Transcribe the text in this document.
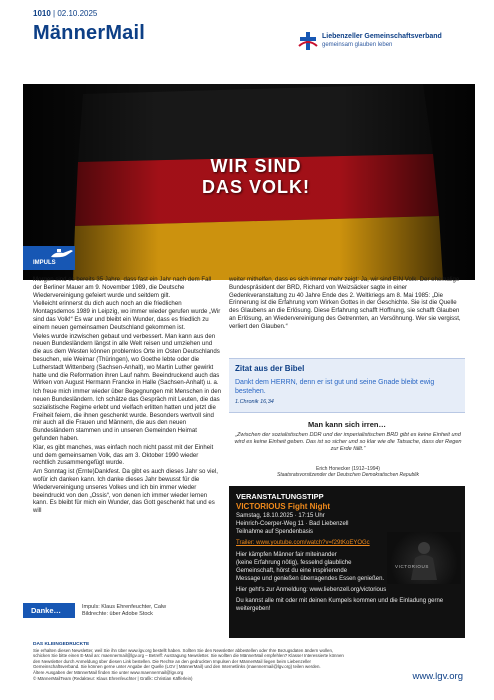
1010 | 02.10.2025
MännerMail	Liebenzeller Gemeinschaftsverband
gemeinsam glauben leben
WIR SIND
DAS VOLK!
IMPULS

Morgen sind es bereits 35 Jahre, dass fast ein Jahr nach dem Fall der Berliner Mauer am 9. November 1989, die Deutsche Wiedervereinigung gefeiert wurde und seitdem gilt.

Vielleicht erinnerst du dich auch noch an die friedlichen Montagsdemos 1989 in Leipzig, wo immer wieder gerufen wurde „Wir sind das Volk!“ Es war und bleibt ein Wunder, dass es friedlich zu einem neuen gemeinsamen Deutschland gekommen ist.

Vieles wurde inzwischen gebaut und verbessert. Man kann aus den neuen Bundesländern längst in alle Welt reisen und umziehen und die aus dem Westen können problemlos Orte im Osten Deutschlands besuchen, wie Weimar (Thüringen), wo Goethe lebte oder die Lutherstadt Wittenberg (Sachsen-Anhalt), wo Martin Luther gewirkt hatte und die Reformation ihren Lauf nahm. Beeindruckend auch das Wirken von August Hermann Francke in Halle (Sachsen-Anhalt) u. a.

Ich freue mich immer wieder über Begegnungen mit Menschen in den neuen Bundesländern. Ich schätze das Gespräch mit Leuten, die das sozialistische Regime erlebt und vielfach erlitten hatten und jetzt die Freiheit feiern, die ihnen geschenkt wurde. Besonders wertvoll sind mir auch all die Frauen und Männern, die aus den neuen Bundesländern stammen und in unseren Gemeinden Heimat gefunden haben.

Klar, es gibt manches, was einfach noch nicht passt mit der Einheit und dem gemeinsamen Volk, das am 3. Oktober 1990 wieder rechtlich zusammengefügt wurde.

Am Sonntag ist (Ernte)Dankfest. Da gibt es auch dieses Jahr so viel, wofür ich danken kann. Ich danke dieses Jahr bewusst für die Wiedervereinigung unseres Volkes und ich bin immer wieder beeindruckt von den „Ossis“, von denen ich immer wieder lernen kann. Es bleibt für mich ein Wunder, das Gott geschenkt hat und es will

weiter mithelfen, dass es sich immer mehr zeigt: Ja, wir sind EIN Volk. Der ehemalige Bundespräsident der BRD, Richard von Weizsäcker sagte in einer Gedenkveranstaltung zu 40 Jahre Ende des 2. Weltkriegs am 8. Mai 1985: „Die Erinnerung ist die Erfahrung vom Wirken Gottes in der Geschichte. Sie ist die Quelle des Glaubens an die Erlösung. Diese Erfahrung schafft Hoffnung, sie schafft Glauben an Erlösung, an Wiedervereinigung des Getrennten, an Versöhnung. Wer sie vergisst, verliert den Glauben.“

Zitat aus der Bibel
Dankt dem HERRN, denn er ist gut und seine Gnade bleibt ewig bestehen.
1.Chronik 16,34
Man kann sich irren…
„Zwischen der sozialistischen DDR und der imperialistischen BRD gibt es keine Einheit und wird es keine Einheit geben. Das ist so sicher und so klar wie die Tatsache, dass der Regen zur Erde fällt.“
Erich Honecker (1912–1994)
Staatsratsvorsitzender der Deutschen Demokratischen Republik
VERANSTALTUNGSTIPP
VICTORIOUS Fight Night
Samstag, 18.10.2025 · 17:15 Uhr
Heinrich-Coerper-Weg 11 · Bad Liebenzell
Teilnahme auf Spendenbasis
Trailer: www.youtube.com/watch?v=f29tKoEYOGc
Hier kämpfen Männer fair miteinander
(keine Erfahrung nötig), fesselnd glaubliche
Gemeinschaft, hörst du eine inspirierende
Message und genießen überragendes Essen genießen.
Hier geht's zur Anmeldung: www.liebenzell.org/victorious
Du kannst alle mit oder mit deinen Kumpels kommen und die Einladung gerne weitergeben!
VICTORIOUS
Danke…	Impuls: Klaus Ehrenfeuchter, Calw
Bildrechte: über Adobe Stock
DAS KLEINGEDRUCKTE
Sie erhalten diesen Newsletter, weil Sie ihn über www.lgv.org bestellt haben. Sollten Sie den Newsletter abbestellen oder Ihre Bezugsdaten ändern wollen,
schicken Sie bitte einen E-Mail an: maennermail@lgv.org – Betreff: Austragung Newsletter. Sie wollten die MännerMail empfehlen? Klasse! Interessierte können
den Newsletter durch Anmeldung über diesen Link bestellen. Die Rechte an den gedruckten Impulsen der MännerMail liegen beim Liebenzeller
Gemeinschaftsverband. Sie können gerne unter Angabe der Quelle (LGV | MännerMail) und den Internetlinks (maennermail@lgv.org) teilen werden.
Ältere Ausgaben der MännerMail finden Sie unter www.maennermail@lgv.org
© MännerMailTeam (Redakteur: Klaus Ehrenfeuchter | Grafik: Christian Käfferlein)	www.lgv.org
